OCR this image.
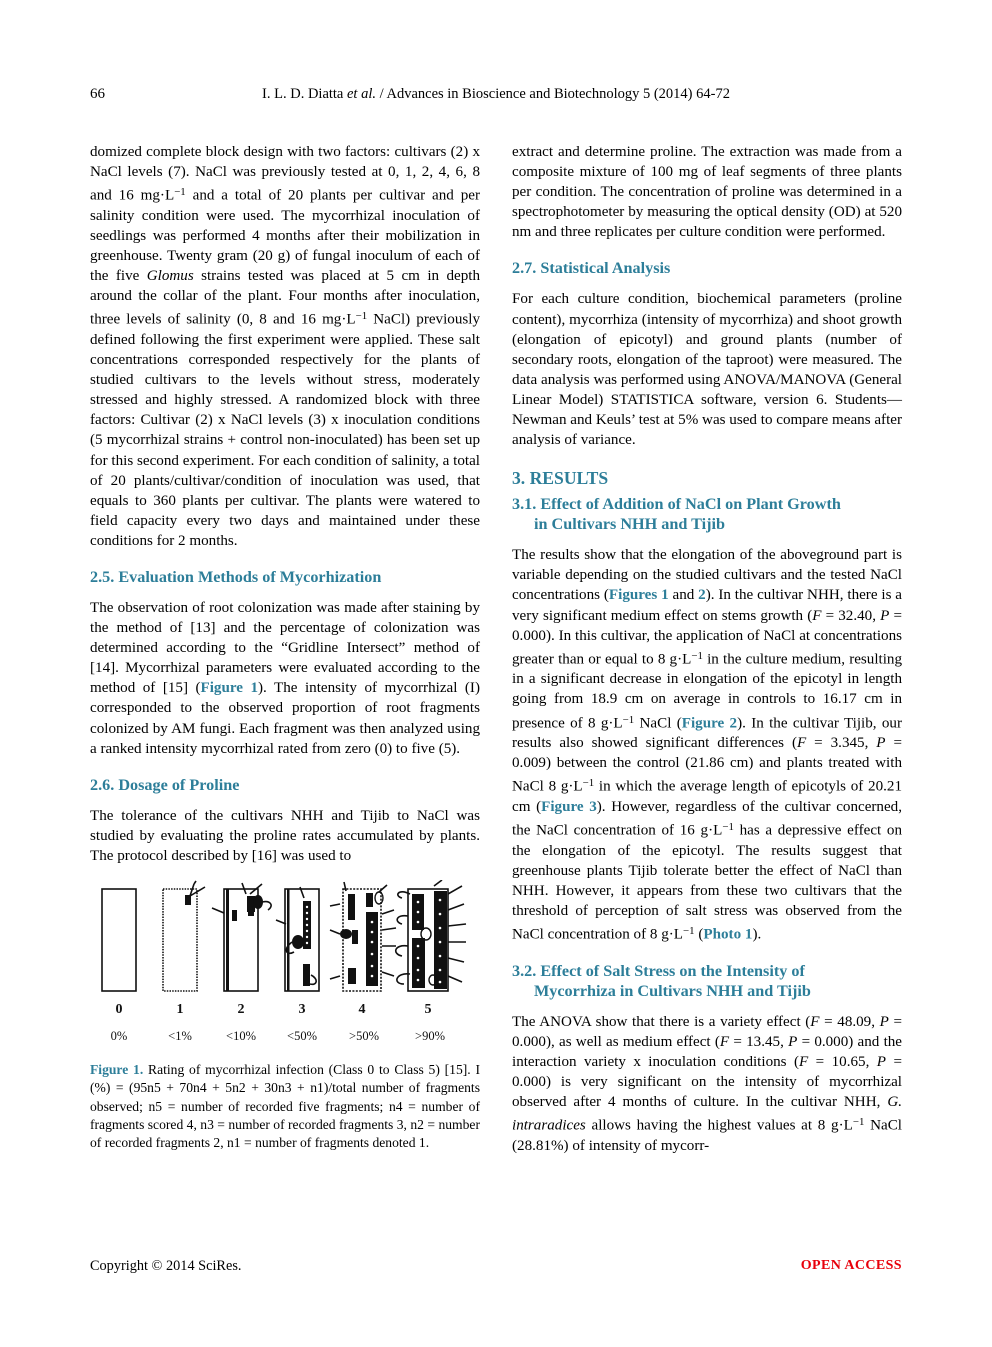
66	I. L. D. Diatta et al. / Advances in Bioscience and Biotechnology 5 (2014) 64-72

domized complete block design with two factors: cultivars (2) x NaCl levels (7). NaCl was previously tested at 0, 1, 2, 4, 6, 8 and 16 $mg\cdot L^{-1}$ and a total of 20 plants per cultivar and per salinity condition were used. The mycorrhizal inoculation of seedlings was performed 4 months after their mobilization in greenhouse. Twenty gram (20 g) of fungal inoculum of each of the five Glomus strains tested was placed at 5 cm in depth around the collar of the plant. Four months after inoculation, three levels of salinity (0, 8 and 16 $mg\cdot L^{-1}$ NaCl) previously defined following the first experiment were applied. These salt concentrations corresponded respectively for the plants of studied cultivars to the levels without stress, moderately stressed and highly stressed. A randomized block with three factors: Cultivar (2) x NaCl levels (3) x inoculation conditions (5 mycorrhizal strains + control non-inoculated) has been set up for this second experiment. For each condition of salinity, a total of 20 plants/cultivar/condition of inoculation was used, that equals to 360 plants per cultivar. The plants were watered to field capacity every two days and maintained under these conditions for 2 months.

2.5. Evaluation Methods of Mycorhization

The observation of root colonization was made after staining by the method of [13] and the percentage of colonization was determined according to the “Gridline Intersect” method of [14]. Mycorrhizal parameters were evaluated according to the method of [15] (Figure 1). The intensity of mycorrhizal (I) corresponded to the observed proportion of root fragments colonized by AM fungi. Each fragment was then analyzed using a ranked intensity mycorrhizal rated from zero (0) to five (5).

2.6. Dosage of Proline

The tolerance of the cultivars NHH and Tijib to NaCl was studied by evaluating the proline rates accumulated by plants. The protocol described by [16] was used to

0	1	2	3	4	5
0%	<1%	<10% <50%	>50%	>90%
Figure 1. Rating of mycorrhizal infection (Class 0 to Class 5) [15]. I (%) = (95n5 + 70n4 + 5n2 + 30n3 + n1)/total number of fragments observed; n5 = number of recorded five fragments; n4 = number of fragments scored 4, n3 = number of recorded fragments 3, n2 = number of recorded fragments 2, n1 = number of fragments denoted 1.

extract and determine proline. The extraction was made from a composite mixture of 100 mg of leaf segments of three plants per condition. The concentration of proline was determined in a spectrophotometer by measuring the optical density (OD) at 520 nm and three replicates per culture condition were performed.

2.7. Statistical Analysis

For each culture condition, biochemical parameters (proline content), mycorrhiza (intensity of mycorrhiza) and shoot growth (elongation of epicotyl) and ground plants (number of secondary roots, elongation of the taproot) were measured. The data analysis was performed using ANOVA/MANOVA (General Linear Model) STATISTICA software, version 6. Students—Newman and Keuls’ test at 5% was used to compare means after analysis of variance.

3. RESULTS
3.1. Effect of Addition of NaCl on Plant Growth
in Cultivars NHH and Tijib

The results show that the elongation of the aboveground part is variable depending on the studied cultivars and the tested NaCl concentrations (Figures 1 and 2). In the cultivar NHH, there is a very significant medium effect on stems growth (F = 32.40, P = 0.000). In this cultivar, the application of NaCl at concentrations greater than or equal to 8 $g\cdot L^{-1}$ in the culture medium, resulting in a significant decrease in elongation of the epicotyl in length going from 18.9 cm on average in controls to 16.17 cm in presence of 8 $g\cdot L^{-1}$ NaCl (Figure 2). In the cultivar Tijib, our results also showed significant differences (F = 3.345, P = 0.009) between the control (21.86 cm) and plants treated with NaCl 8 $g\cdot L^{-1}$ in which the average length of epicotyls of 20.21 cm (Figure 3). However, regardless of the cultivar concerned, the NaCl concentration of 16 $g\cdot L^{-1}$ has a depressive effect on the elongation of the epicotyl. The results suggest that greenhouse plants Tijib tolerate better the effect of NaCl than NHH. However, it appears from these two cultivars that the threshold of perception of salt stress was observed from the NaCl concentration of 8 $g\cdot L^{-1}$ (Photo 1).

3.2. Effect of Salt Stress on the Intensity of
Mycorrhiza in Cultivars NHH and Tijib

The ANOVA show that there is a variety effect (F = 48.09, P = 0.000), as well as medium effect (F = 13.45, P = 0.000) and the interaction variety x inoculation conditions (F = 10.65, P = 0.000) is very significant on the intensity of mycorrhizal observed after 4 months of culture. In the cultivar NHH, G. intraradices allows having the highest values at 8 $g\cdot L^{-1}$ NaCl (28.81%) of intensity of mycorr-

Copyright © 2014 SciRes.	OPEN ACCESS
